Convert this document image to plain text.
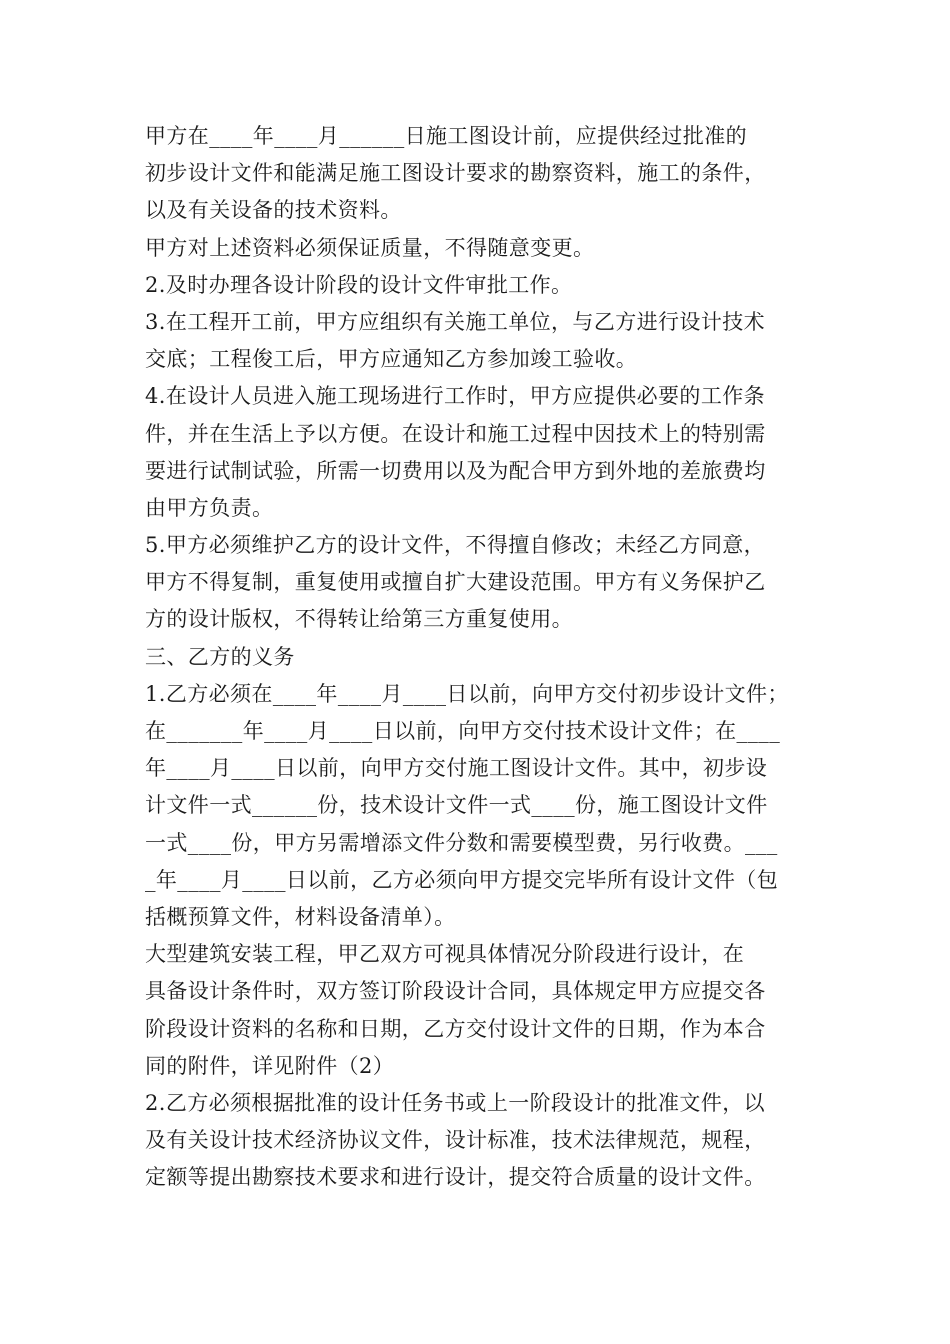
甲方在____年____月______日施工图设计前，应提供经过批准的
初步设计文件和能满足施工图设计要求的勘察资料，施工的条件，
以及有关设备的技术资料。
甲方对上述资料必须保证质量，不得随意变更。
2.及时办理各设计阶段的设计文件审批工作。
3.在工程开工前，甲方应组织有关施工单位，与乙方进行设计技术
交底；工程俊工后，甲方应通知乙方参加竣工验收。
4.在设计人员进入施工现场进行工作时，甲方应提供必要的工作条
件，并在生活上予以方便。在设计和施工过程中因技术上的特别需
要进行试制试验，所需一切费用以及为配合甲方到外地的差旅费均
由甲方负责。
5.甲方必须维护乙方的设计文件，不得擅自修改；未经乙方同意，
甲方不得复制，重复使用或擅自扩大建设范围。甲方有义务保护乙
方的设计版权，不得转让给第三方重复使用。
三、乙方的义务
1.乙方必须在____年____月____日以前，向甲方交付初步设计文件；
在_______年____月____日以前，向甲方交付技术设计文件；在____
年____月____日以前，向甲方交付施工图设计文件。其中，初步设
计文件一式______份，技术设计文件一式____份，施工图设计文件
一式____份，甲方另需增添文件分数和需要模型费，另行收费。___
_年____月____日以前，乙方必须向甲方提交完毕所有设计文件（包
括概预算文件，材料设备清单）。
大型建筑安装工程，甲乙双方可视具体情况分阶段进行设计，在
具备设计条件时，双方签订阶段设计合同，具体规定甲方应提交各
阶段设计资料的名称和日期，乙方交付设计文件的日期，作为本合
同的附件，详见附件（2）
2.乙方必须根据批准的设计任务书或上一阶段设计的批准文件，以
及有关设计技术经济协议文件，设计标准，技术法律规范，规程，
定额等提出勘察技术要求和进行设计，提交符合质量的设计文件。
